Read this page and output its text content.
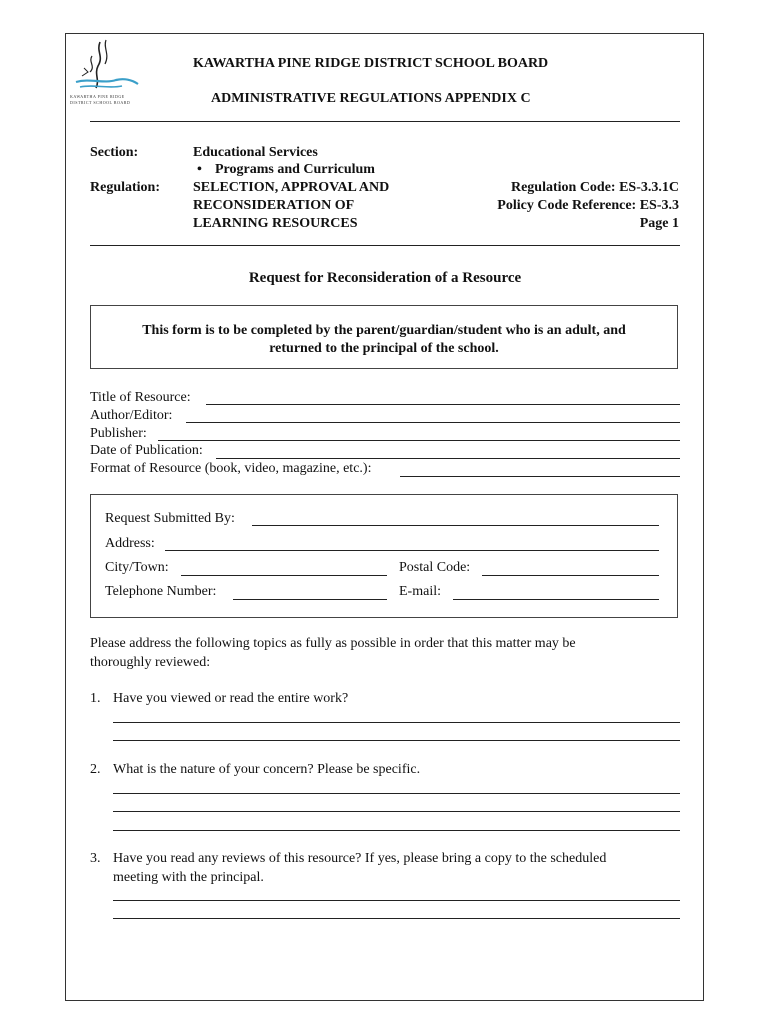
KAWARTHA PINE RIDGE
DISTRICT SCHOOL BOARD
KAWARTHA PINE RIDGE DISTRICT SCHOOL BOARD
ADMINISTRATIVE REGULATIONS APPENDIX C
Section:	Educational Services
• Programs and Curriculum
Regulation: SELECTION, APPROVAL AND
RECONSIDERATION OF
LEARNING RESOURCES
Regulation Code: ES-3.3.1C
Policy Code Reference: ES-3.3
Page 1
Request for Reconsideration of a Resource
This form is to be completed by the parent/guardian/student who is an adult, and
returned to the principal of the school.
Title of Resource:
Author/Editor:
Publisher:
Date of Publication:
Format of Resource (book, video, magazine, etc.):
Request Submitted By:
Address:
City/Town:	Postal Code:
Telephone Number:	E-mail:
Please address the following topics as fully as possible in order that this matter may be
thoroughly reviewed:
1. Have you viewed or read the entire work?
2. What is the nature of your concern? Please be specific.
3. Have you read any reviews of this resource? If yes, please bring a copy to the scheduled
meeting with the principal.
